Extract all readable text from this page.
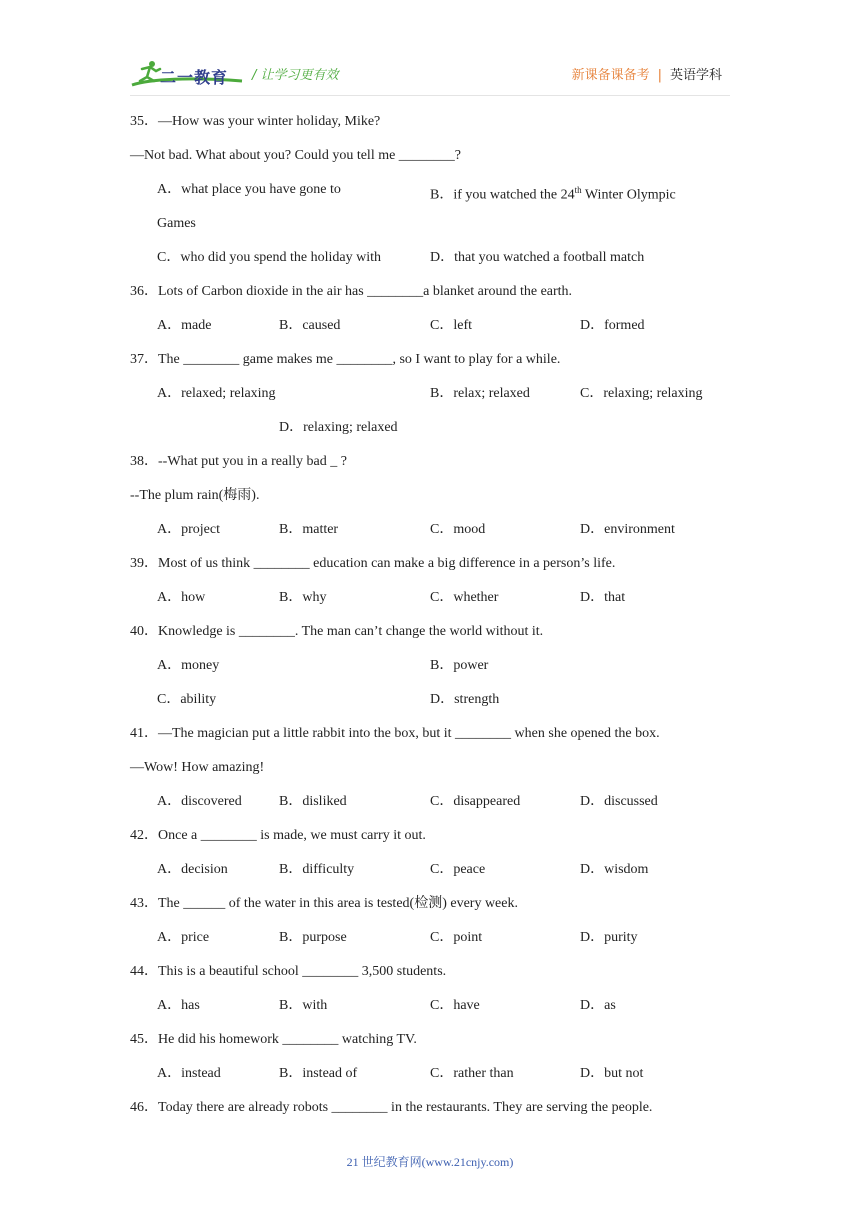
二一教育 / 让学习更有效	新课备课备考 | 英语学科
35．—How was your winter holiday, Mike?
—Not bad. What about you? Could you tell me ________?
A．what place you have gone to	B．if you watched the 24th Winter Olympic
Games
C．who did you spend the holiday with	D．that you watched a football match
36．Lots of Carbon dioxide in the air has ________a blanket around the earth.
A．made	B．caused	C．left	D．formed
37．The ________ game makes me ________, so I want to play for a while.
A．relaxed; relaxing	B．relax; relaxed	C．relaxing; relaxing
D．relaxing; relaxed
38．--What put you in a really bad _ ?
--The plum rain(梅雨).
A．project	B．matter	C．mood	D．environment
39．Most of us think ________ education can make a big difference in a person’s life.
A．how	B．why	C．whether	D．that
40．Knowledge is ________. The man can’t change the world without it.
A．money	B．power
C．ability	D．strength
41．—The magician put a little rabbit into the box, but it ________ when she opened the box.
—Wow! How amazing!
A．discovered	B．disliked	C．disappeared	D．discussed
42．Once a ________ is made, we must carry it out.
A．decision	B．difficulty	C．peace	D．wisdom
43．The ______ of the water in this area is tested(检测) every week.
A．price	B．purpose	C．point	D．purity
44．This is a beautiful school ________ 3,500 students.
A．has	B．with	C．have	D．as
45．He did his homework ________ watching TV.
A．instead	B．instead of	C．rather than	D．but not
46．Today there are already robots ________ in the restaurants. They are serving the people.
21 世纪教育网(www.21cnjy.com)
